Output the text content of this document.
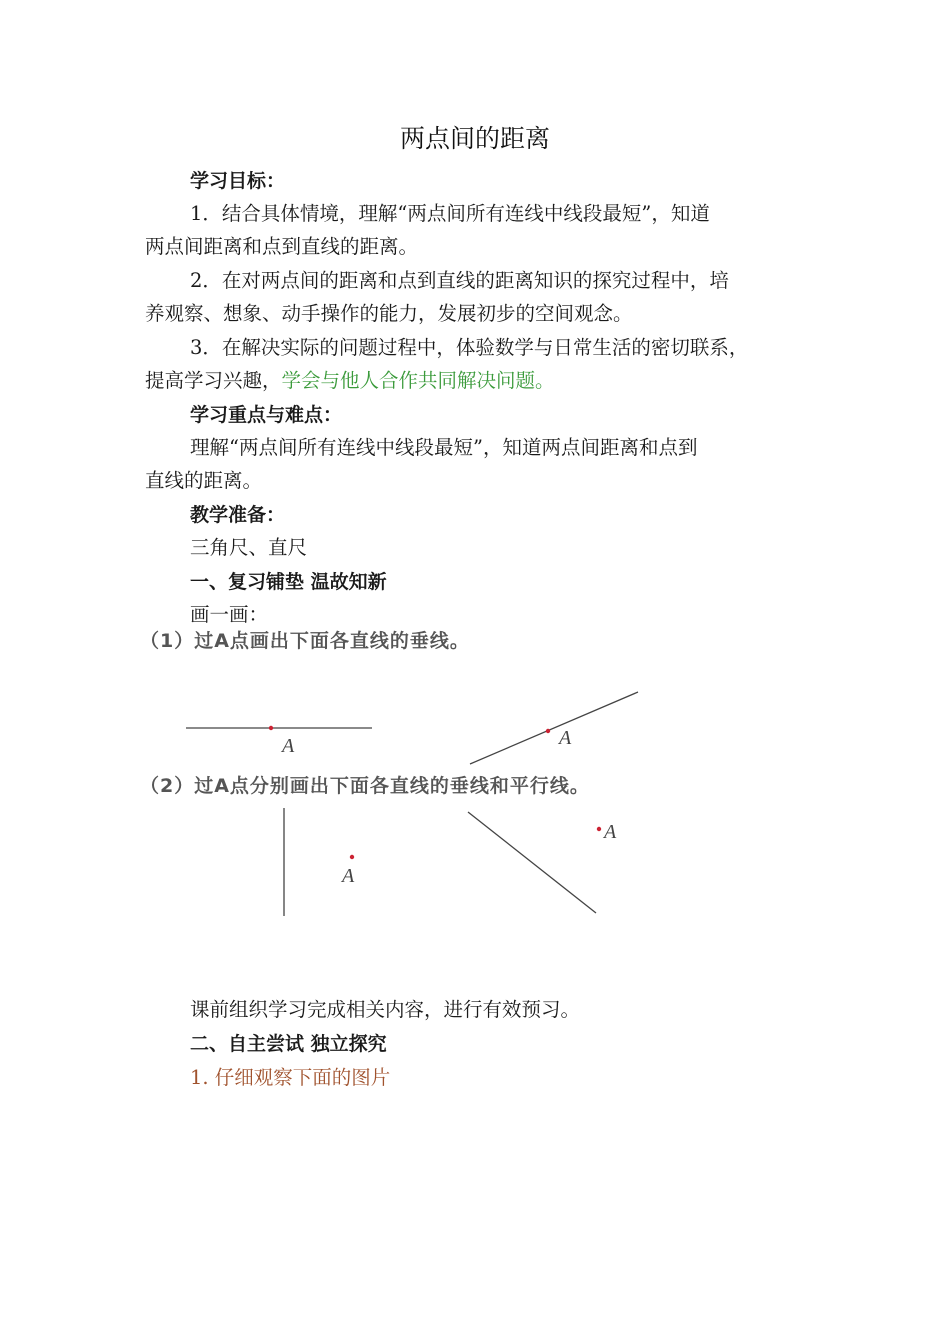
两点间的距离
学习目标：
1．结合具体情境，理解“两点间所有连线中线段最短”，知道
两点间距离和点到直线的距离。
2．在对两点间的距离和点到直线的距离知识的探究过程中，培
养观察、想象、动手操作的能力，发展初步的空间观念。
3．在解决实际的问题过程中，体验数学与日常生活的密切联系，
提高学习兴趣，学会与他人合作共同解决问题。
学习重点与难点：
理解“两点间所有连线中线段最短”，知道两点间距离和点到
直线的距离。
教学准备：
三角尺、直尺
一、复习铺垫 温故知新
画一画：
（1）过A点画出下面各直线的垂线。
（2）过A点分别画出下面各直线的垂线和平行线。
A	A
A
A
课前组织学习完成相关内容，进行有效预习。
二、自主尝试 独立探究
1. 仔细观察下面的图片
